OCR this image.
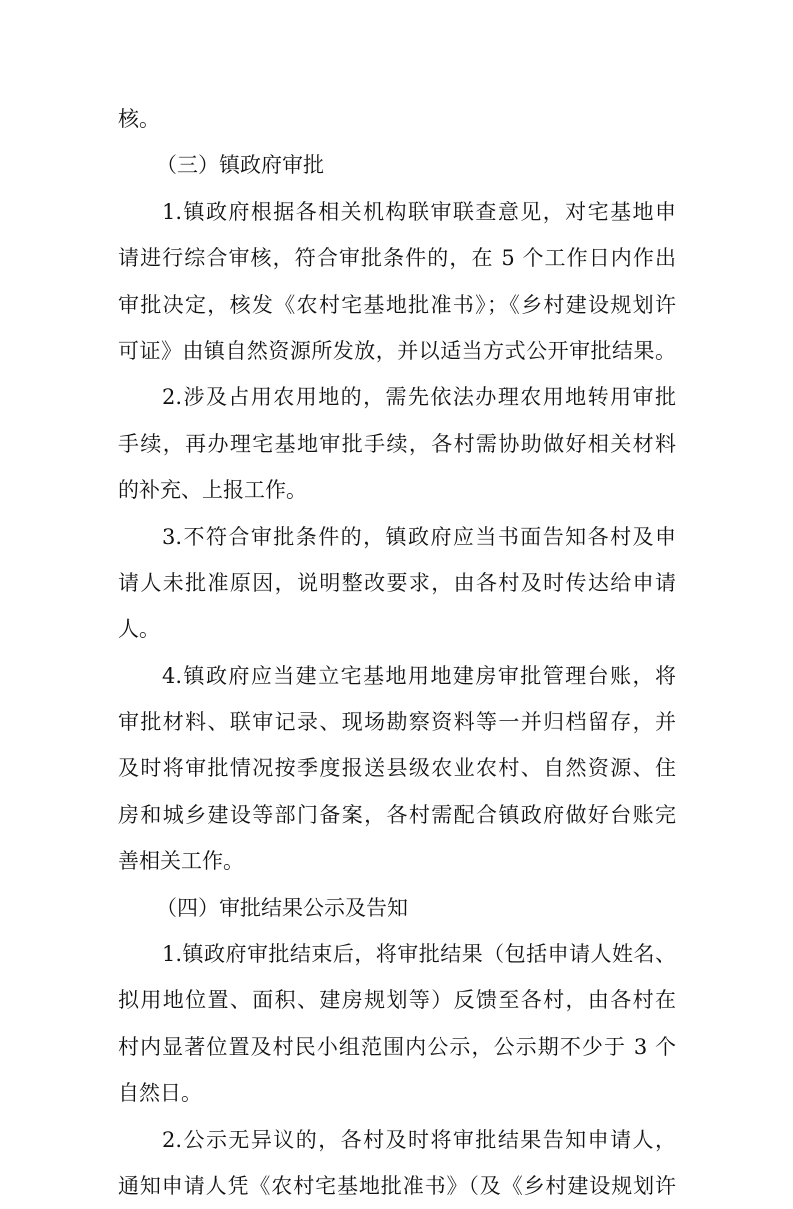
核。
（三）镇政府审批
1.镇政府根据各相关机构联审联查意见，对宅基地申
请进行综合审核，符合审批条件的，在 5 个工作日内作出
审批决定，核发《农村宅基地批准书》；《乡村建设规划许
可证》由镇自然资源所发放，并以适当方式公开审批结果。
2.涉及占用农用地的，需先依法办理农用地转用审批
手续，再办理宅基地审批手续，各村需协助做好相关材料
的补充、上报工作。
3.不符合审批条件的，镇政府应当书面告知各村及申
请人未批准原因，说明整改要求，由各村及时传达给申请
人。
4.镇政府应当建立宅基地用地建房审批管理台账，将
审批材料、联审记录、现场勘察资料等一并归档留存，并
及时将审批情况按季度报送县级农业农村、自然资源、住
房和城乡建设等部门备案，各村需配合镇政府做好台账完
善相关工作。
（四）审批结果公示及告知
1.镇政府审批结束后，将审批结果（包括申请人姓名、
拟用地位置、面积、建房规划等）反馈至各村，由各村在
村内显著位置及村民小组范围内公示，公示期不少于 3 个
自然日。
2.公示无异议的，各村及时将审批结果告知申请人，
通知申请人凭《农村宅基地批准书》（及《乡村建设规划许
